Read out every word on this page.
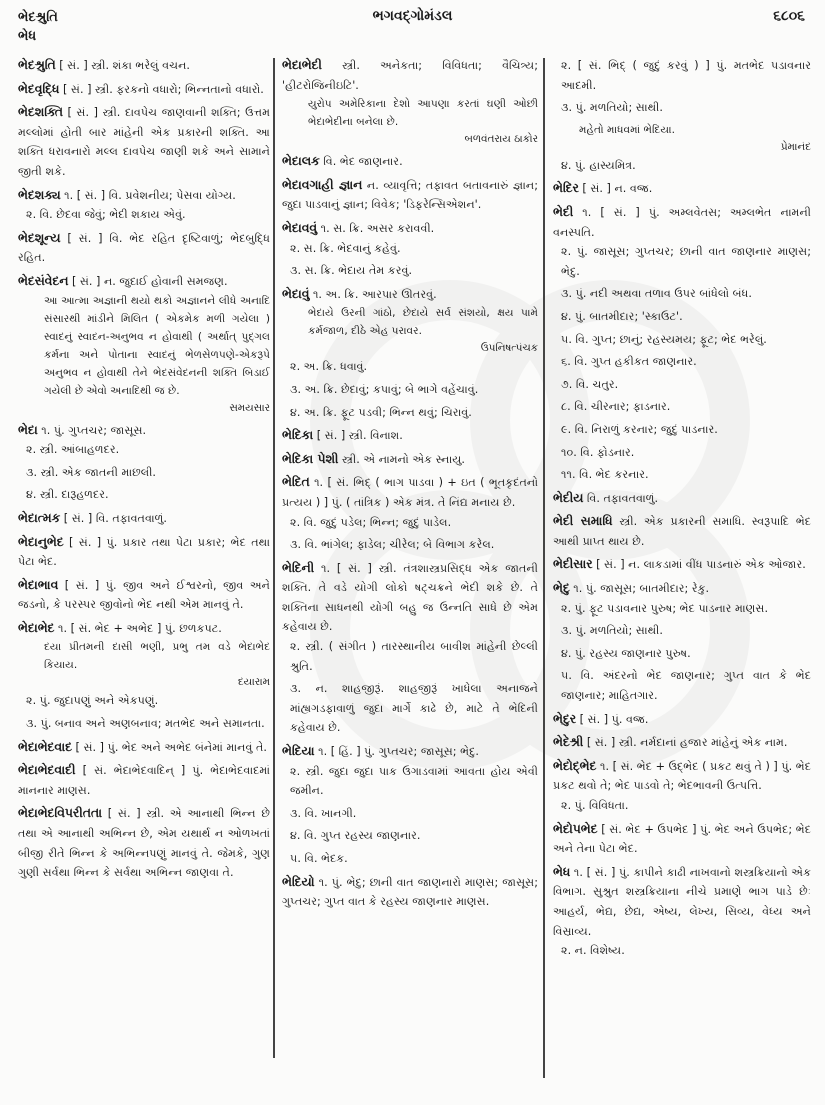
ભેદશ્રુતિ
ભેધ
ભગવદ્ગોમંડલ	૬૮૦૬
ભેદશ્રુતિ [ સં. ] સ્ત્રી. શંકા ભરેલું વચન.
ભેદવૃદ્ધિ [ સં. ] સ્ત્રી. ફરકનો વધારો; ભિન્નતાનો વધારો.
ભેદશક્તિ [ સં. ] સ્ત્રી. દાવપેચ જાણવાની શક્તિ; ઉત્તમ મલ્લોમાં હોતી બાર માંહેની એક પ્રકારની શક્તિ. આ શક્તિ ધરાવનારો મલ્લ દાવપેચ જાણી શકે અને સામાને જીતી શકે.
ભેદશક્ય ૧. [ સં. ] વિ. પ્રવેશનીય; પેસવા યોગ્ય.
૨. વિ. છેદવા જેવું; ભેદી શકાય એવું.
ભેદશૂન્ય [ સં. ] વિ. ભેદ રહિત દૃષ્ટિવાળું; ભેદબુદ્ધિ રહિત.
ભેદસંવેદન [ સં. ] ન. જુદાઈ હોવાની સમજણ.
આ આત્મા અજ્ઞાની થયો થકો અજ્ઞાનને લીધે અનાદિ સંસારથી માંડીને મિલિત ( એકમેક મળી ગયેલા ) સ્વાદનું સ્વાદન-અનુભવ ન હોવાથી ( અર્થાત્ પુદ્ગલ કર્મના અને પોતાના સ્વાદનું ભેળસેળપણે-એકરૂપે અનુભવ ન હોવાથી તેને ભેદસંવેદનની શક્તિ બિડાઈ ગયેલી છે એવો અનાદિથી જ છે.
સમયસાર
ભેદા ૧. પું. ગુપ્તચર; જાસૂસ.
૨. સ્ત્રી. આંબાહળદર.
૩. સ્ત્રી. એક જાતની માછલી.
૪. સ્ત્રી. દારૂહળદર.
ભેદાત્મક [ સં. ] વિ. તફાવતવાળું.
ભેદાનુભેદ [ સં. ] પું. પ્રકાર તથા પેટા પ્રકાર; ભેદ તથા પેટા ભેદ.
ભેદાભાવ [ સં. ] પું. જીવ અને ઈશ્વરનો, જીવ અને જડનો, કે પરસ્પર જીવોનો ભેદ નથી એમ માનવું તે.
ભેદાભેદ ૧. [ સં. ભેદ + અભેદ ] પું. છળકપટ.
દયા પ્રીતમની દાસી ભણી, પ્રભુ તમ વડે ભેદાભેદ કિયાય.
દયારામ
૨. પું. જુદાપણું અને એકપણું.
૩. પું. બનાવ અને અણબનાવ; મતભેદ અને સમાનતા.
ભેદાભેદવાદ [ સં. ] પું. ભેદ અને અભેદ બંનેમાં માનવું તે.
ભેદાભેદવાદી [ સં. ભેદાભેદવાદિન્ ] પું. ભેદાભેદવાદમાં માનનાર માણસ.
ભેદાભેદવિપરીતતા [ સં. ] સ્ત્રી. એ આનાથી ભિન્ન છે તથા એ આનાથી અભિન્ન છે, એમ યથાર્થ ન ઓળખતાં બીજી રીતે ભિન્ન કે અભિન્નપણું માનવું તે. જેમકે, ગુણ ગુણી સર્વથા ભિન્ન કે સર્વથા અભિન્ન જાણવા તે.
ભેદાભેદી સ્ત્રી. અનેકતા; વિવિધતા; વૈચિત્ર્ય; 'હીટરોજિનીઇટિ'.
યુરોપ અમેરિકાના દેશો આપણા કરતાં ઘણી ઓછી ભેદાભેદીના બનેલા છે.
બળવંતરાય ઠાકોર
ભેદાલક વિ. ભેદ જાણનાર.
ભેદાવગાહી જ્ઞાન ન. વ્યાવૃત્તિ; તફાવત બતાવનારું જ્ઞાન; જુદા પાડવાનું જ્ઞાન; વિવેક; 'ડિફરેન્સિએશન'.
ભેદાવવું ૧. સ. ક્રિ. અસર કરાવવી.
૨. સ. ક્રિ. ભેદવાનું કહેવું.
૩. સ. ક્રિ. ભેદાય તેમ કરવું.
ભેદાવું ૧. અ. ક્રિ. આરપાર ઊતરવું.
ભેદાયે ઉરની ગાંઠો, છેદાયે સર્વ સંશયો, ક્ષય પામે કર્મજાળ, દીઠે એહ પરાવર.
ઉપનિષત્પંચક
૨. અ. ક્રિ. ધવાવું.
૩. અ. ક્રિ. છેદાવું; કપાવું; બે ભાગે વહેંચાવું.
૪. અ. ક્રિ. ફૂટ પડવી; ભિન્ન થવું; ચિરાવું.
ભેદિકા [ સં. ] સ્ત્રી. વિનાશ.
ભેદિકા પેશી સ્ત્રી. એ નામનો એક સ્નાયુ.
ભેદિત ૧. [ સં. ભિદ્ ( ભાગ પાડવા ) + ઇત ( ભૂતકૃદંતનો પ્રત્યય ) ] પું. ( તાંત્રિક ) એક મંત્ર. તે નિંદ્ય મનાય છે.
૨. વિ. જુદું પડેલ; ભિન્ન; જુદું પાડેલ.
૩. વિ. ભાંગેલ; ફાડેલ; ચીરેલ; બે વિભાગ કરેલ.
ભેદિની ૧. [ સં. ] સ્ત્રી. તંત્રશાસ્ત્રપ્રસિદ્ધ એક જાતની શક્તિ. તે વડે યોગી લોકો ષટ્ચક્રને ભેદી શકે છે. તે શક્તિના સાધનથી યોગી બહુ જ ઉન્નતિ સાધે છે એમ કહેવાય છે.
૨. સ્ત્રી. ( સંગીત ) તારસ્થાનીય બાવીશ માંહેની છેલ્લી શ્રુતિ.
૩. ન. શાહજીરૂં. શાહજીરૂં ખાધેલા અનાજને માંહ્યગડફાવાળું જુદા માર્ગે કાઢે છે, માટે તે ભેદિની કહેવાય છે.
ભેદિયા ૧. [ હિં. ] પું. ગુપ્તચર; જાસૂસ; ભેદુ.
૨. સ્ત્રી. જુદા જુદા પાક ઉગાડવામાં આવતા હોય એવી જમીન.
૩. વિ. ખાનગી.
૪. વિ. ગુપ્ત રહસ્ય જાણનાર.
૫. વિ. ભેદક.
ભેદિયો ૧. પું. ભેદુ; છાની વાત જાણનારો માણસ; જાસૂસ; ગુપ્તચર; ગુપ્ત વાત કે રહસ્ય જાણનાર માણસ.
૨. [ સં. ભિદ્ ( જુદું કરવું ) ] પું. મતભેદ પડાવનાર આદમી.
૩. પું. મળતિયો; સાથી.
મહેતો માધવમાં ભેદિયા.
પ્રેમાનંદ
૪. પું. હાસ્યમિત્ર.
ભેદિર [ સં. ] ન. વજ્ર.
ભેદી ૧. [ સં. ] પું. અમ્લવેતસ; અમ્લભેત નામની વનસ્પતિ.
૨. પું. જાસૂસ; ગુપ્તચર; છાની વાત જાણનાર માણસ; ભેદુ.
૩. પું. નદી અથવા તળાવ ઉપર બાંધેલો બંધ.
૪. પું. બાતમીદાર; 'સ્કાઉટ'.
૫. વિ. ગુપ્ત; છાનું; રહસ્યમય; ફૂટ; ભેદ ભરેલું.
૬. વિ. ગુપ્ત હકીકત જાણનાર.
૭. વિ. ચતુર.
૮. વિ. ચીરનાર; ફાડનાર.
૯. વિ. નિરાળું કરનાર; જુદું પાડનાર.
૧૦. વિ. ફોડનાર.
૧૧. વિ. ભેદ કરનાર.
ભેદીય વિ. તફાવતવાળું.
ભેદી સમાધિ સ્ત્રી. એક પ્રકારની સમાધિ. સ્વરૂપાદિ ભેદ આથી પ્રાપ્ત થાય છે.
ભેદીસાર [ સં. ] ન. લાકડામાં વીંધ પાડનારું એક ઓજાર.
ભેદુ ૧. પું. જાસૂસ; બાતમીદાર; રેકુ.
૨. પું. ફૂટ પડાવનાર પુરુષ; ભેદ પાડનાર માણસ.
૩. પું. મળતિયો; સાથી.
૪. પું. રહસ્ય જાણનાર પુરુષ.
૫. વિ. અંદરનો ભેદ જાણનાર; ગુપ્ત વાત કે ભેદ જાણનાર; માહિતગાર.
ભેદુર [ સં. ] પું. વજ્ર.
ભેદેશ્રી [ સં. ] સ્ત્રી. નર્મદાનાં હજાર માંહેનું એક નામ.
ભેદોદ્ભેદ ૧. [ સં. ભેદ + ઉદ્ભેદ ( પ્રકટ થવું તે ) ] પું. ભેદ પ્રકટ થવો તે; ભેદ પાડવો તે; ભેદભાવની ઉત્પત્તિ.
૨. પું. વિવિધતા.
ભેદોપભેદ [ સં. ભેદ + ઉપભેદ ] પું. ભેદ અને ઉપભેદ; ભેદ અને તેના પેટા ભેદ.
ભેધ ૧. [ સં. ] પું. કાપીને કાઢી નાખવાનો શસ્ત્રક્રિયાનો એક વિભાગ. સુશ્રુત શસ્ત્રક્રિયાના નીચે પ્રમાણે ભાગ પાડે છેઃ આહર્ય, ભેદ્ય, છેદ્ય, એષ્ય, લેખ્ય, સિવ્ય, વેધ્ય અને વિસ્રાવ્ય.
૨. ન. વિશેષ્ય.
